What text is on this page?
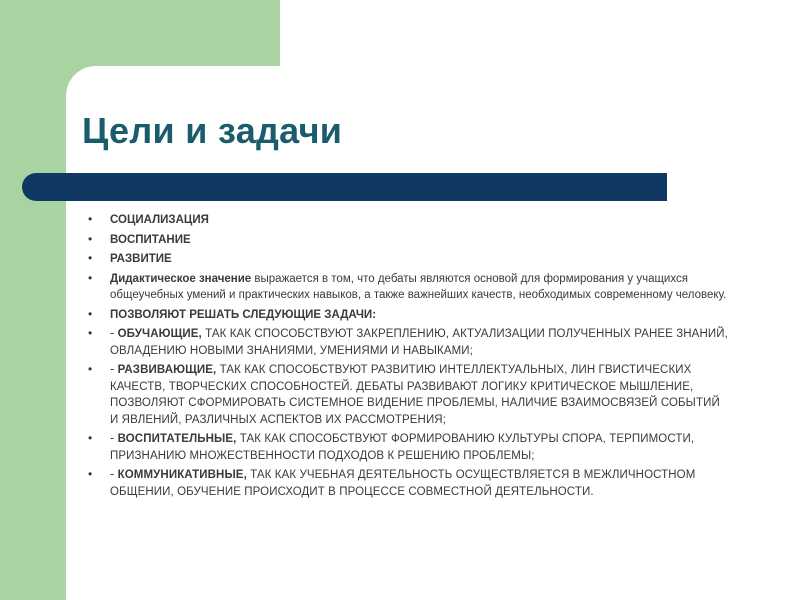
Цели и задачи
• СОЦИАЛИЗАЦИЯ
• ВОСПИТАНИЕ
• РАЗВИТИЕ
• Дидактическое значение выражается в том, что дебаты являются основой для формирования у учащихся общеучебных умений и практических навыков, а также важнейших качеств, необходимых современному человеку.
• ПОЗВОЛЯЮТ РЕШАТЬ СЛЕДУЮЩИЕ ЗАДАЧИ:
• - ОБУЧАЮЩИЕ, ТАК КАК СПОСОБСТВУЮТ ЗАКРЕПЛЕНИЮ, АКТУАЛИЗАЦИИ ПОЛУЧЕННЫХ РАНЕЕ ЗНАНИЙ, ОВЛАДЕНИЮ НОВЫМИ ЗНАНИЯМИ, УМЕНИЯМИ И НАВЫКАМИ;
• - РАЗВИВАЮЩИЕ, ТАК КАК СПОСОБСТВУЮТ РАЗВИТИЮ ИНТЕЛЛЕКТУАЛЬНЫХ, ЛИН ГВИСТИЧЕСКИХ КАЧЕСТВ, ТВОРЧЕСКИХ СПОСОБНОСТЕЙ. ДЕБАТЫ РАЗВИВАЮТ ЛОГИКУ КРИТИЧЕСКОЕ МЫШЛЕНИЕ, ПОЗВОЛЯЮТ СФОРМИРОВАТЬ СИСТЕМНОЕ ВИДЕНИЕ ПРОБЛЕМЫ, НАЛИЧИЕ ВЗАИМОСВЯЗЕЙ СОБЫТИЙ И ЯВЛЕНИЙ, РАЗЛИЧНЫХ АСПЕКТОВ ИХ РАССМОТРЕНИЯ;
• - ВОСПИТАТЕЛЬНЫЕ, ТАК КАК СПОСОБСТВУЮТ ФОРМИРОВАНИЮ КУЛЬТУРЫ СПОРА, ТЕРПИМОСТИ, ПРИЗНАНИЮ МНОЖЕСТВЕННОСТИ ПОДХОДОВ К РЕШЕНИЮ ПРОБЛЕМЫ;
• - КОММУНИКАТИВНЫЕ, ТАК КАК УЧЕБНАЯ ДЕЯТЕЛЬНОСТЬ ОСУЩЕСТВЛЯЕТСЯ В МЕЖЛИЧНОСТНОМ ОБЩЕНИИ, ОБУЧЕНИЕ ПРОИСХОДИТ В ПРОЦЕССЕ СОВМЕСТНОЙ ДЕЯТЕЛЬНОСТИ.
